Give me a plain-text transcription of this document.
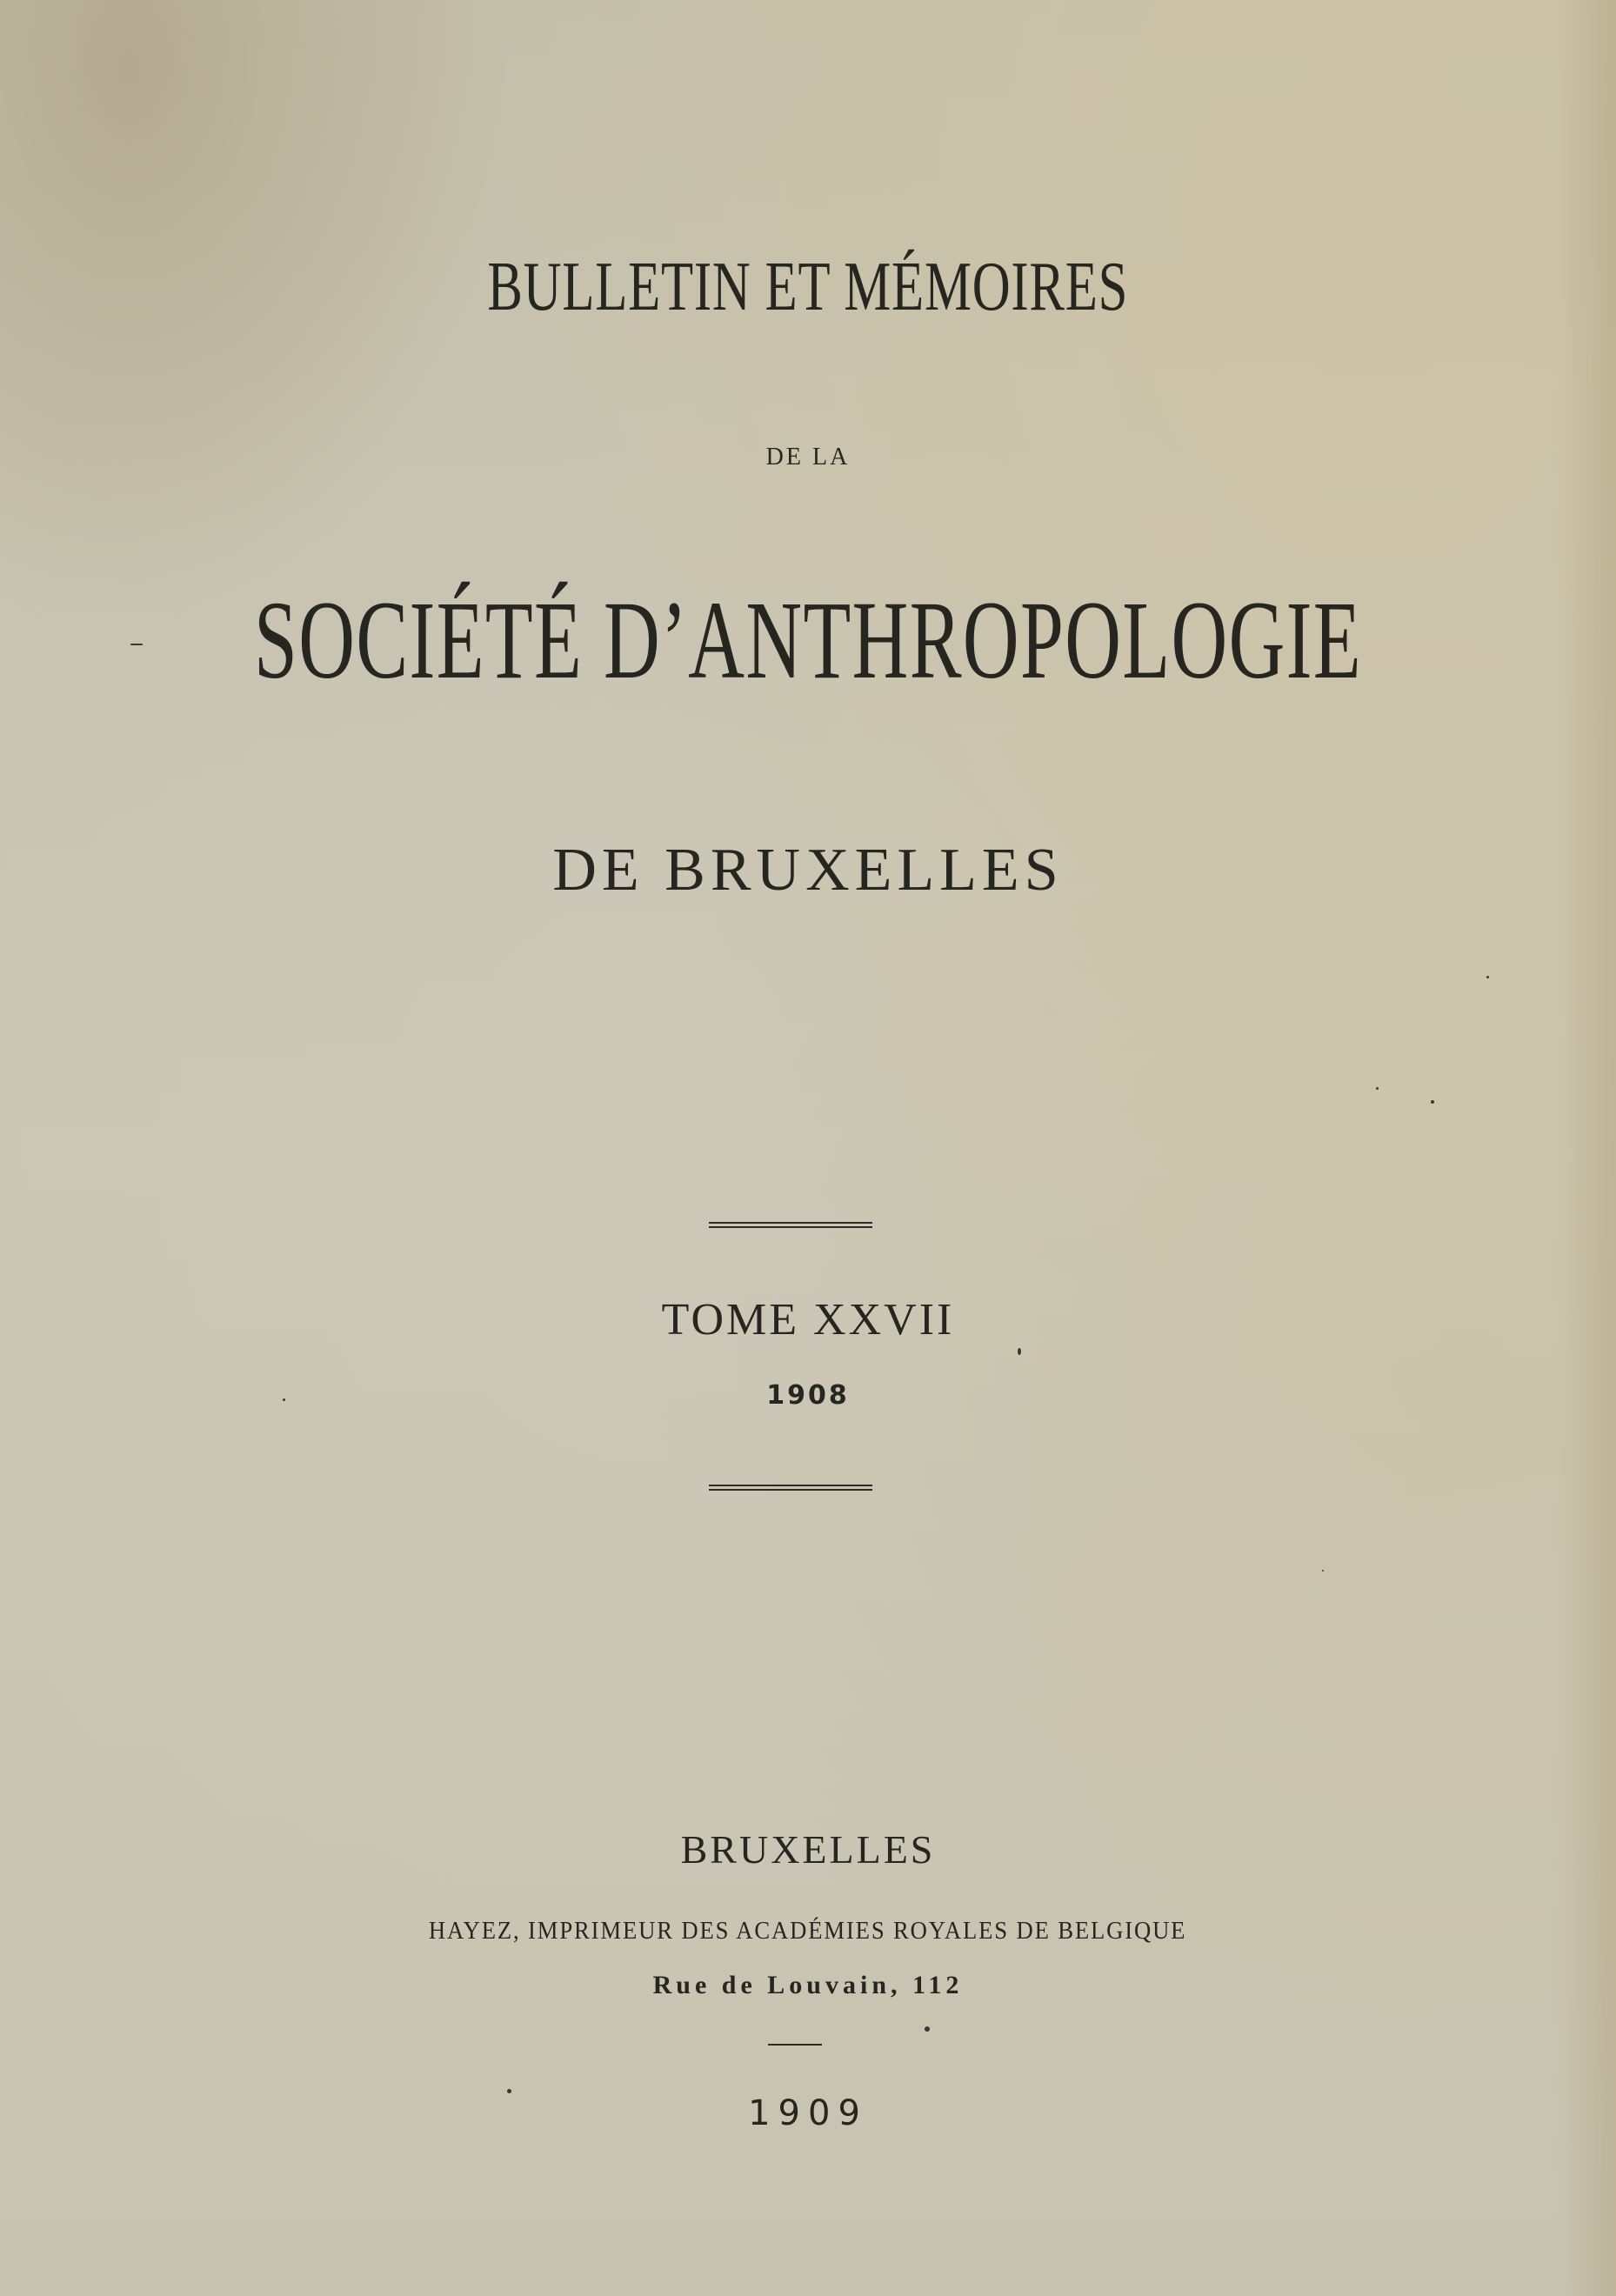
BULLETIN ET MÉMOIRES

DE LA

SOCIÉTÉ D’ANTHROPOLOGIE

DE BRUXELLES

TOME XXVII

1908

BRUXELLES

HAYEZ, IMPRIMEUR DES ACADÉMIES ROYALES DE BELGIQUE

Rue de Louvain, 112

1909
